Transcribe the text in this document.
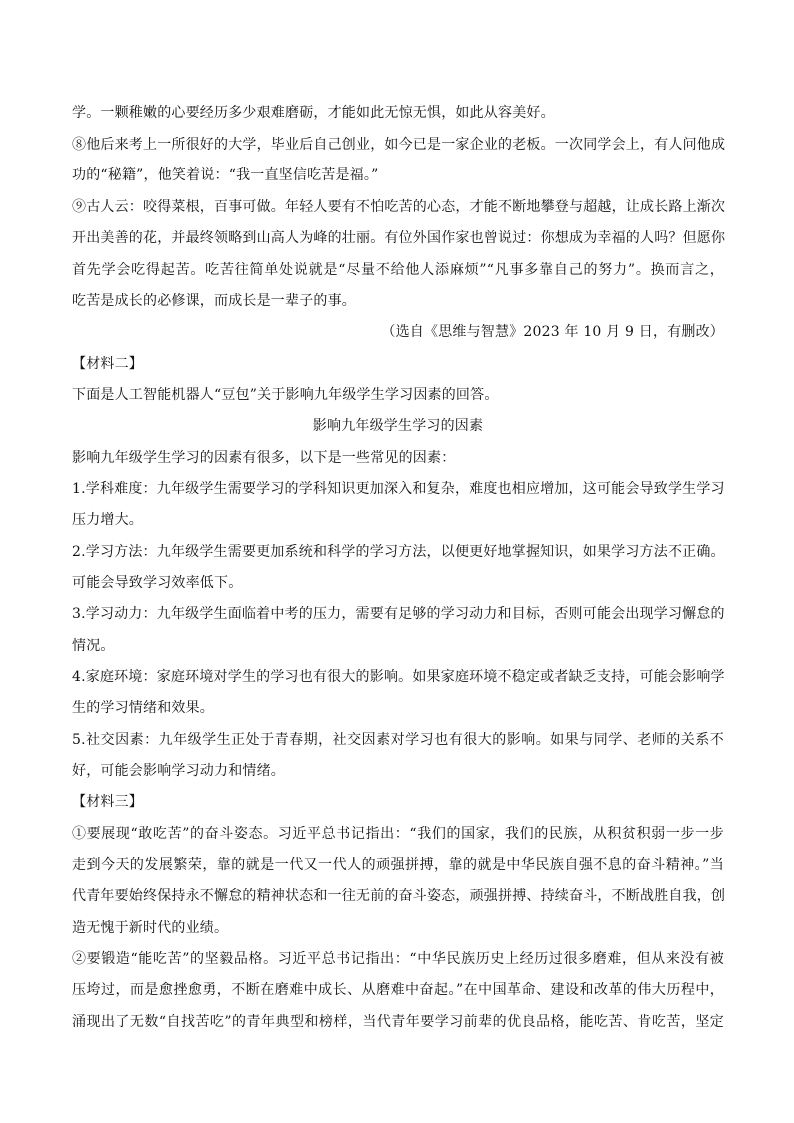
学。一颗稚嫩的心要经历多少艰难磨砺，才能如此无惊无惧，如此从容美好。
⑧他后来考上一所很好的大学，毕业后自己创业，如今已是一家企业的老板。一次同学会上，有人问他成
功的“秘籍”，他笑着说：“我一直坚信吃苦是福。”
⑨古人云：咬得菜根，百事可做。年轻人要有不怕吃苦的心态，才能不断地攀登与超越，让成长路上渐次
开出美善的花，并最终领略到山高人为峰的壮丽。有位外国作家也曾说过：你想成为幸福的人吗？但愿你
首先学会吃得起苦。吃苦往简单处说就是“尽量不给他人添麻烦”“凡事多靠自己的努力”。换而言之，
吃苦是成长的必修课，而成长是一辈子的事。
（选自《思维与智慧》2023 年 10 月 9 日，有删改）
【材料二】
下面是人工智能机器人“豆包”关于影响九年级学生学习因素的回答。
影响九年级学生学习的因素
影响九年级学生学习的因素有很多，以下是一些常见的因素：
1.学科难度：九年级学生需要学习的学科知识更加深入和复杂，难度也相应增加，这可能会导致学生学习
压力增大。
2.学习方法：九年级学生需要更加系统和科学的学习方法，以便更好地掌握知识，如果学习方法不正确。
可能会导致学习效率低下。
3.学习动力：九年级学生面临着中考的压力，需要有足够的学习动力和目标，否则可能会出现学习懈怠的
情况。
4.家庭环境：家庭环境对学生的学习也有很大的影响。如果家庭环境不稳定或者缺乏支持，可能会影响学
生的学习情绪和效果。
5.社交因素：九年级学生正处于青春期，社交因素对学习也有很大的影响。如果与同学、老师的关系不
好，可能会影响学习动力和情绪。
【材料三】
①要展现“敢吃苦”的奋斗姿态。习近平总书记指出：“我们的国家，我们的民族，从积贫积弱一步一步
走到今天的发展繁荣，靠的就是一代又一代人的顽强拼搏，靠的就是中华民族自强不息的奋斗精神。”当
代青年要始终保持永不懈怠的精神状态和一往无前的奋斗姿态，顽强拼搏、持续奋斗，不断战胜自我，创
造无愧于新时代的业绩。
②要锻造“能吃苦”的坚毅品格。习近平总书记指出：“中华民族历史上经历过很多磨难，但从来没有被
压垮过，而是愈挫愈勇，不断在磨难中成长、从磨难中奋起。”在中国革命、建设和改革的伟大历程中，
涌现出了无数“自找苦吃”的青年典型和榜样，当代青年要学习前辈的优良品格，能吃苦、肯吃苦，坚定
